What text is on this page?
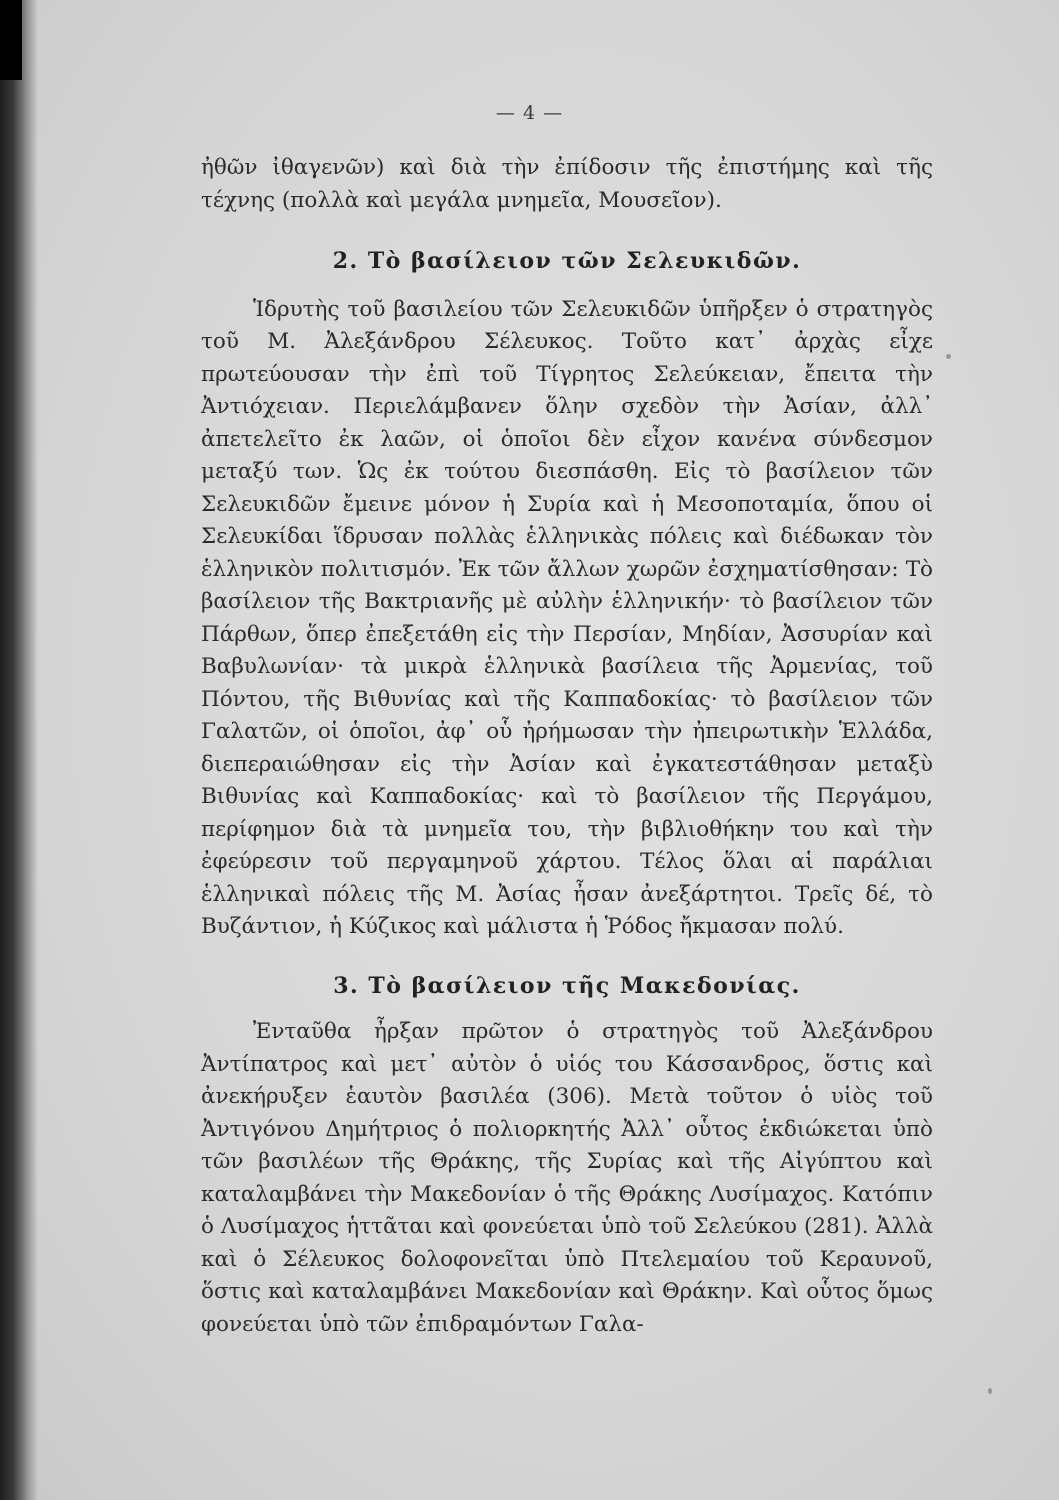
— 4 —

ἠθῶν ἰθαγενῶν) καὶ διὰ τὴν ἐπίδοσιν τῆς ἐπιστήμης καὶ τῆς τέχνης (πολλὰ καὶ μεγάλα μνημεῖα, Μουσεῖον).

2. Τὸ βασίλειον τῶν Σελευκιδῶν.

Ἱδρυτὴς τοῦ βασιλείου τῶν Σελευκιδῶν ὑπῆρξεν ὁ στρατηγὸς τοῦ Μ. Ἀλεξάνδρου Σέλευκος. Τοῦτο κατ᾽ ἀρχὰς εἶχε πρωτεύουσαν τὴν ἐπὶ τοῦ Τίγρητος Σελεύκειαν, ἔπειτα τὴν Ἀντιόχειαν. Περιελάμβανεν ὅλην σχεδὸν τὴν Ἀσίαν, ἀλλ᾽ ἀπετελεῖτο ἐκ λαῶν, οἱ ὁποῖοι δὲν εἶχον κανένα σύνδεσμον μεταξύ των. Ὡς ἐκ τούτου διεσπάσθη. Εἰς τὸ βασίλειον τῶν Σελευκιδῶν ἔμεινε μόνον ἡ Συρία καὶ ἡ Μεσοποταμία, ὅπου οἱ Σελευκίδαι ἵδρυσαν πολλὰς ἑλληνικὰς πόλεις καὶ διέδωκαν τὸν ἑλληνικὸν πολιτισμόν. Ἐκ τῶν ἄλλων χωρῶν ἐσχηματίσθησαν: Τὸ βασίλειον τῆς Βακτριανῆς μὲ αὐλὴν ἑλληνικήν· τὸ βασίλειον τῶν Πάρθων, ὅπερ ἐπεξετάθη εἰς τὴν Περσίαν, Μηδίαν, Ἀσσυρίαν καὶ Βαβυλωνίαν· τὰ μικρὰ ἑλληνικὰ βασίλεια τῆς Ἀρμενίας, τοῦ Πόντου, τῆς Βιθυνίας καὶ τῆς Καππαδοκίας· τὸ βασίλειον τῶν Γαλατῶν, οἱ ὁποῖοι, ἀφ᾽ οὗ ἠρήμωσαν τὴν ἠπειρωτικὴν Ἑλλάδα, διεπεραιώθησαν εἰς τὴν Ἀσίαν καὶ ἐγκατεστάθησαν μεταξὺ Βιθυνίας καὶ Καππαδοκίας· καὶ τὸ βασίλειον τῆς Περγάμου, περίφημον διὰ τὰ μνημεῖα του, τὴν βιβλιοθήκην του καὶ τὴν ἐφεύρεσιν τοῦ περγαμηνοῦ χάρτου. Τέλος ὅλαι αἱ παράλιαι ἑλληνικαὶ πόλεις τῆς Μ. Ἀσίας ἦσαν ἀνεξάρτητοι. Τρεῖς δέ, τὸ Βυζάντιον, ἡ Κύζικος καὶ μάλιστα ἡ Ῥόδος ἤκμασαν πολύ.

3. Τὸ βασίλειον τῆς Μακεδονίας.

Ἐνταῦθα ἦρξαν πρῶτον ὁ στρατηγὸς τοῦ Ἀλεξάνδρου Ἀντίπατρος καὶ μετ᾽ αὐτὸν ὁ υἱός του Κάσσανδρος, ὅστις καὶ ἀνεκήρυξεν ἑαυτὸν βασιλέα (306). Μετὰ τοῦτον ὁ υἱὸς τοῦ Ἀντιγόνου Δημήτριος ὁ πολιορκητής Ἀλλ᾽ οὗτος ἐκδιώκεται ὑπὸ τῶν βασιλέων τῆς Θράκης, τῆς Συρίας καὶ τῆς Αἰγύπτου καὶ καταλαμβάνει τὴν Μακεδονίαν ὁ τῆς Θράκης Λυσίμαχος. Κατόπιν ὁ Λυσίμαχος ἡττᾶται καὶ φονεύεται ὑπὸ τοῦ Σελεύκου (281). Ἀλλὰ καὶ ὁ Σέλευκος δολοφονεῖται ὑπὸ Πτελεμαίου τοῦ Κεραυνοῦ, ὅστις καὶ καταλαμβάνει Μακεδονίαν καὶ Θράκην. Καὶ οὗτος ὅμως φονεύεται ὑπὸ τῶν ἐπιδραμόντων Γαλα-
